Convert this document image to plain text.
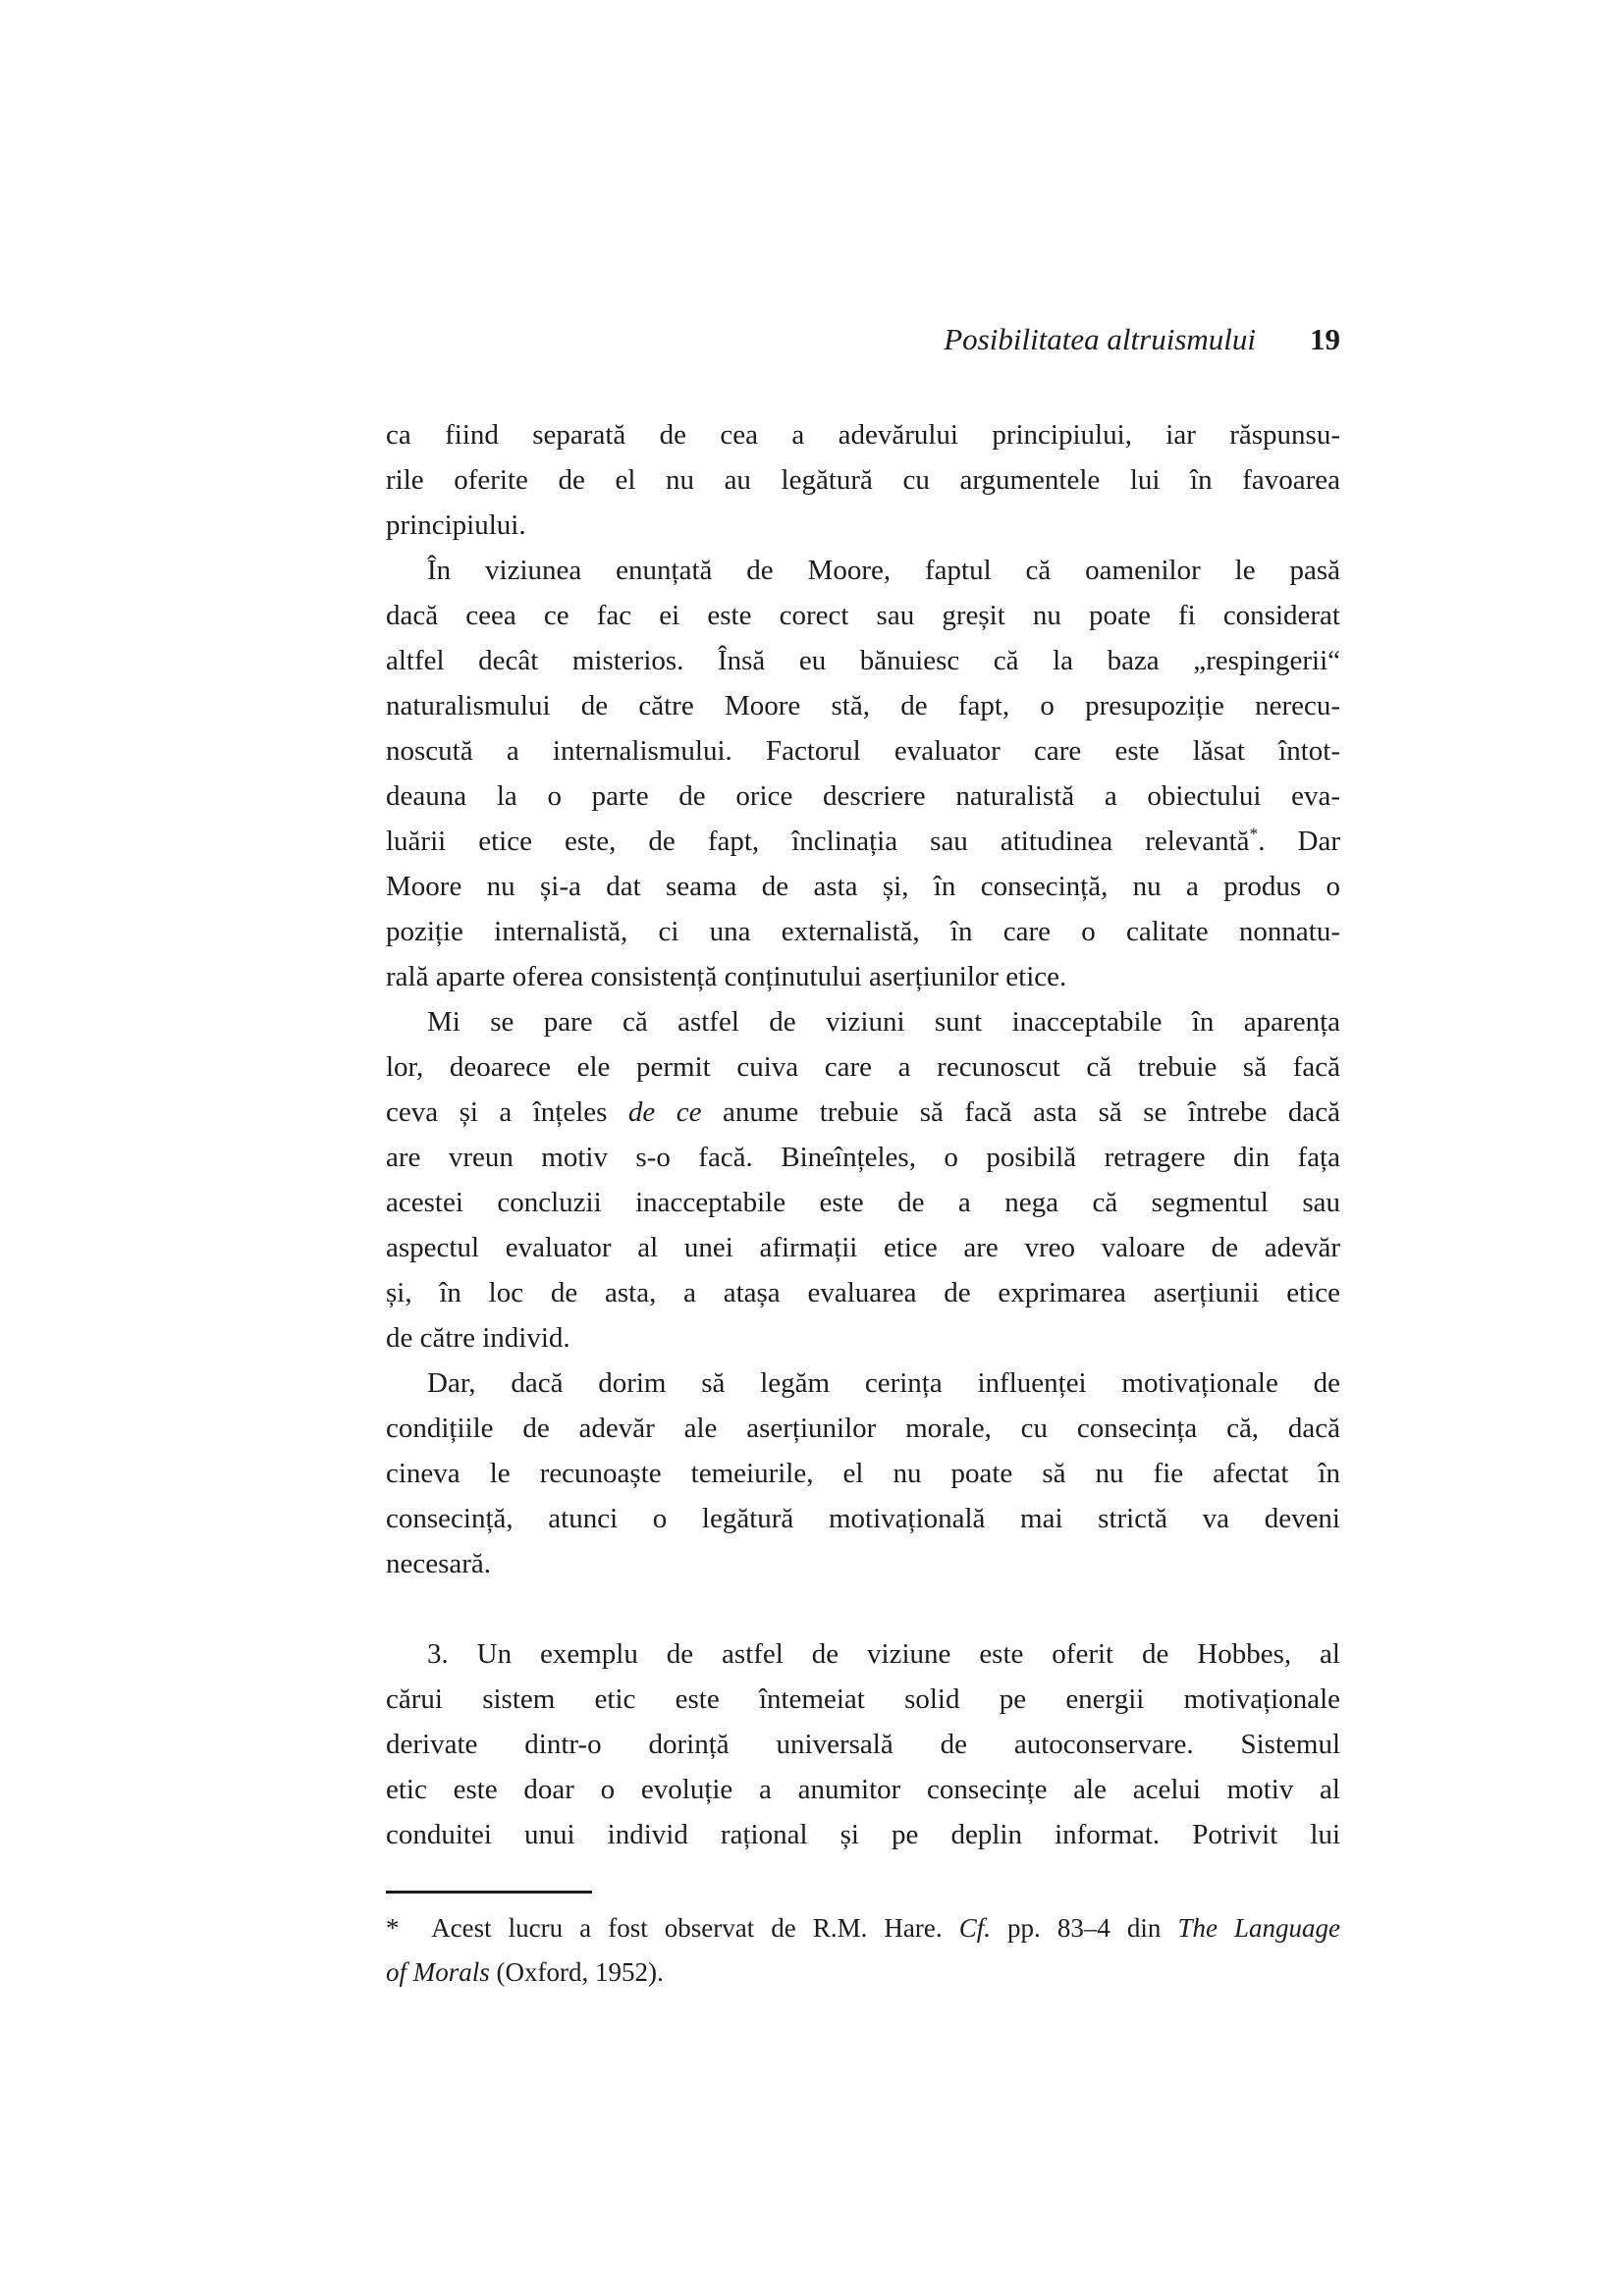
Posibilitatea altruismului 19
ca fiind separată de cea a adevărului principiului, iar răspunsu-
rile oferite de el nu au legătură cu argumentele lui în favoarea
principiului.
În viziunea enunțată de Moore, faptul că oamenilor le pasă
dacă ceea ce fac ei este corect sau greșit nu poate fi considerat
altfel decât misterios. Însă eu bănuiesc că la baza „respingerii“
naturalismului de către Moore stă, de fapt, o presupoziție nerecu-
noscută a internalismului. Factorul evaluator care este lăsat întot-
deauna la o parte de orice descriere naturalistă a obiectului eva-
luării etice este, de fapt, înclinația sau atitudinea relevantă*. Dar
Moore nu și-a dat seama de asta și, în consecință, nu a produs o
poziție internalistă, ci una externalistă, în care o calitate nonnatu-
rală aparte oferea consistență conținutului aserțiunilor etice.
Mi se pare că astfel de viziuni sunt inacceptabile în aparența
lor, deoarece ele permit cuiva care a recunoscut că trebuie să facă
ceva și a înțeles de ce anume trebuie să facă asta să se întrebe dacă
are vreun motiv s-o facă. Bineînțeles, o posibilă retragere din fața
acestei concluzii inacceptabile este de a nega că segmentul sau
aspectul evaluator al unei afirmații etice are vreo valoare de adevăr
și, în loc de asta, a atașa evaluarea de exprimarea aserțiunii etice
de către individ.
Dar, dacă dorim să legăm cerința influenței motivaționale de
condițiile de adevăr ale aserțiunilor morale, cu consecința că, dacă
cineva le recunoaște temeiurile, el nu poate să nu fie afectat în
consecință, atunci o legătură motivațională mai strictă va deveni
necesară.
3. Un exemplu de astfel de viziune este oferit de Hobbes, al
cărui sistem etic este întemeiat solid pe energii motivaționale
derivate dintr-o dorință universală de autoconservare. Sistemul
etic este doar o evoluție a anumitor consecințe ale acelui motiv al
conduitei unui individ rațional și pe deplin informat. Potrivit lui
*  Acest lucru a fost observat de R.M. Hare. Cf. pp. 83–4 din The Language
of Morals (Oxford, 1952).
